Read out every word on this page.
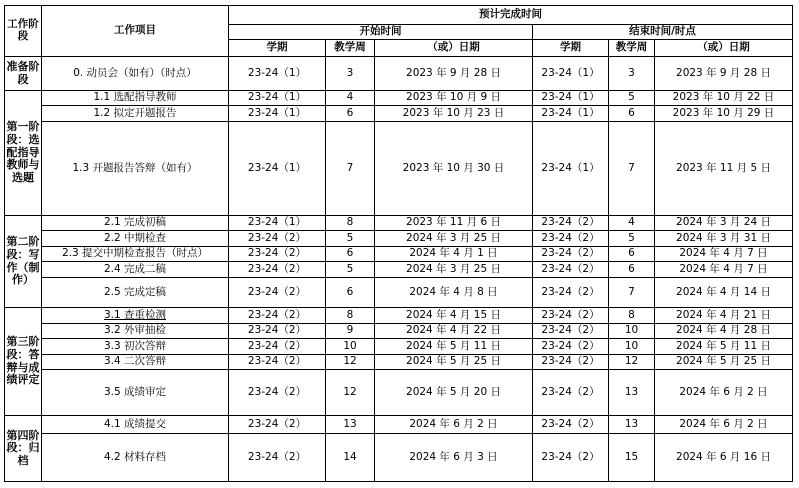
工作阶段	工作项目	预计完成时间					
		开始时间			结束时间/时点		
		学期	教学周	（或）日期	学期	教学周	（或）日期
准备阶段	0. 动员会（如有）（时点）	23-24（1）	3	2023 年 9 月 28 日	23-24（1）	3	2023 年 9 月 28 日
第一阶段：选配指导教师与选题	1.1 选配指导教师	23-24（1）	4	2023 年 10 月 9 日	23-24（1）	5	2023 年 10 月 22 日
	1.2 拟定开题报告	23-24（1）	6	2023 年 10 月 23 日	23-24（1）	6	2023 年 10 月 29 日
	1.3 开题报告答辩（如有）	23-24（1）	7	2023 年 10 月 30 日	23-24（1）	7	2023 年 11 月 5 日
第二阶段：写作（制作）	2.1 完成初稿	23-24（1）	8	2023 年 11 月 6 日	23-24（2）	4	2024 年 3 月 24 日
	2.2 中期检查	23-24（2）	5	2024 年 3 月 25 日	23-24（2）	5	2024 年 3 月 31 日
	2.3 提交中期检查报告（时点）	23-24（2）	6	2024 年 4 月 1 日	23-24（2）	6	2024 年 4 月 7 日
	2.4 完成二稿	23-24（2）	5	2024 年 3 月 25 日	23-24（2）	6	2024 年 4 月 7 日
	2.5 完成定稿	23-24（2）	6	2024 年 4 月 8 日	23-24（2）	7	2024 年 4 月 14 日
第三阶段：答辩与成绩评定	3.1 查重检测	23-24（2）	8	2024 年 4 月 15 日	23-24（2）	8	2024 年 4 月 21 日
	3.2 外审抽检	23-24（2）	9	2024 年 4 月 22 日	23-24（2）	10	2024 年 4 月 28 日
	3.3 初次答辩	23-24（2）	10	2024 年 5 月 11 日	23-24（2）	10	2024 年 5 月 11 日
	3.4 二次答辩	23-24（2）	12	2024 年 5 月 25 日	23-24（2）	12	2024 年 5 月 25 日
	3.5 成绩审定	23-24（2）	12	2024 年 5 月 20 日	23-24（2）	13	2024 年 6 月 2 日
第四阶段：归档	4.1 成绩提交	23-24（2）	13	2024 年 6 月 2 日	23-24（2）	13	2024 年 6 月 2 日
	4.2 材料存档	23-24（2）	14	2024 年 6 月 3 日	23-24（2）	15	2024 年 6 月 16 日
